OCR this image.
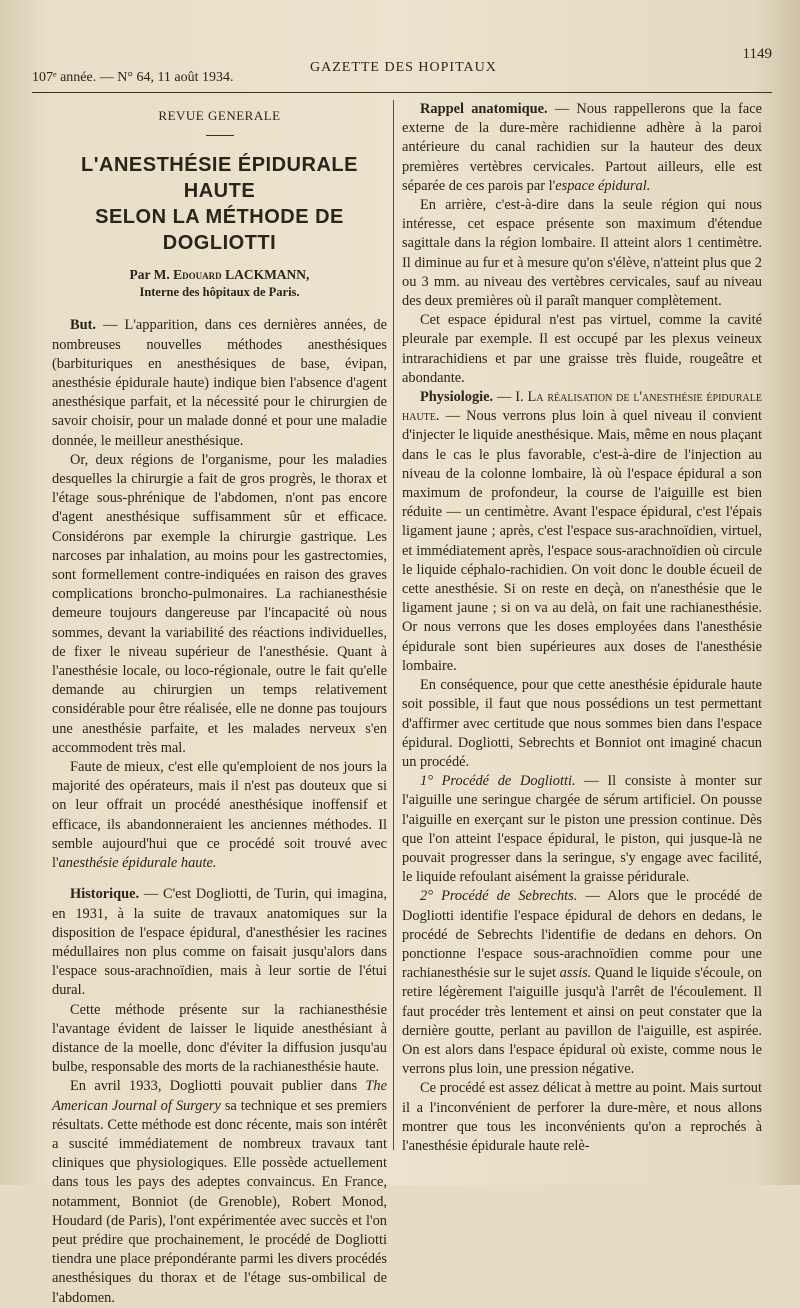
107ᵉ année. — N° 64, 11 août 1934.
GAZETTE DES HOPITAUX
1149
REVUE GENERALE
L'ANESTHÉSIE ÉPIDURALE HAUTE
SELON LA MÉTHODE DE DOGLIOTTI
Par M. Edouard LACKMANN,
Interne des hôpitaux de Paris.

But. — L'apparition, dans ces dernières années, de nombreuses nouvelles méthodes anesthésiques (barbituriques en anesthésiques de base, évipan, anesthésie épidurale haute) indique bien l'absence d'agent anesthésique parfait, et la nécessité pour le chirurgien de savoir choisir, pour un malade donné et pour une maladie donnée, le meilleur anesthésique.

Or, deux régions de l'organisme, pour les maladies desquelles la chirurgie a fait de gros progrès, le thorax et l'étage sous-phrénique de l'abdomen, n'ont pas encore d'agent anesthésique suffisamment sûr et efficace. Considérons par exemple la chirurgie gastrique. Les narcoses par inhalation, au moins pour les gastrectomies, sont formellement contre-indiquées en raison des graves complications broncho-pulmonaires. La rachianesthésie demeure toujours dangereuse par l'incapacité où nous sommes, devant la variabilité des réactions individuelles, de fixer le niveau supérieur de l'anesthésie. Quant à l'anesthésie locale, ou loco-régionale, outre le fait qu'elle demande au chirurgien un temps relativement considérable pour être réalisée, elle ne donne pas toujours une anesthésie parfaite, et les malades nerveux s'en accommodent très mal.

Faute de mieux, c'est elle qu'emploient de nos jours la majorité des opérateurs, mais il n'est pas douteux que si on leur offrait un procédé anesthésique inoffensif et efficace, ils abandonneraient les anciennes méthodes. Il semble aujourd'hui que ce procédé soit trouvé avec l'anesthésie épidurale haute.

Historique. — C'est Dogliotti, de Turin, qui imagina, en 1931, à la suite de travaux anatomiques sur la disposition de l'espace épidural, d'anesthésier les racines médullaires non plus comme on faisait jusqu'alors dans l'espace sous-arachnoïdien, mais à leur sortie de l'étui dural.

Cette méthode présente sur la rachianesthésie l'avantage évident de laisser le liquide anesthésiant à distance de la moelle, donc d'éviter la diffusion jusqu'au bulbe, responsable des morts de la rachianesthésie haute.

En avril 1933, Dogliotti pouvait publier dans The American Journal of Surgery sa technique et ses premiers résultats. Cette méthode est donc récente, mais son intérêt a suscité immédiatement de nombreux travaux tant cliniques que physiologiques. Elle possède actuellement dans tous les pays des adeptes convaincus. En France, notamment, Bonniot (de Grenoble), Robert Monod, Houdard (de Paris), l'ont expérimentée avec succès et l'on peut prédire que prochainement, le procédé de Dogliotti tiendra une place prépondérante parmi les divers procédés anesthésiques du thorax et de l'étage sus-ombilical de l'abdomen.

Rappel anatomique. — Nous rappellerons que la face externe de la dure-mère rachidienne adhère à la paroi antérieure du canal rachidien sur la hauteur des deux premières vertèbres cervicales. Partout ailleurs, elle est séparée de ces parois par l'espace épidural.

En arrière, c'est-à-dire dans la seule région qui nous intéresse, cet espace présente son maximum d'étendue sagittale dans la région lombaire. Il atteint alors 1 centimètre. Il diminue au fur et à mesure qu'on s'élève, n'atteint plus que 2 ou 3 mm. au niveau des vertèbres cervicales, sauf au niveau des deux premières où il paraît manquer complètement.

Cet espace épidural n'est pas virtuel, comme la cavité pleurale par exemple. Il est occupé par les plexus veineux intrarachidiens et par une graisse très fluide, rougeâtre et abondante.

Physiologie. — I. La réalisation de l'anesthésie épidurale haute. — Nous verrons plus loin à quel niveau il convient d'injecter le liquide anesthésique. Mais, même en nous plaçant dans le cas le plus favorable, c'est-à-dire de l'injection au niveau de la colonne lombaire, là où l'espace épidural a son maximum de profondeur, la course de l'aiguille est bien réduite — un centimètre. Avant l'espace épidural, c'est l'épais ligament jaune ; après, c'est l'espace sus-arachnoïdien, virtuel, et immédiatement après, l'espace sous-arachnoïdien où circule le liquide céphalo-rachidien. On voit donc le double écueil de cette anesthésie. Si on reste en deçà, on n'anesthésie que le ligament jaune ; si on va au delà, on fait une rachianesthésie. Or nous verrons que les doses employées dans l'anesthésie épidurale sont bien supérieures aux doses de l'anesthésie lombaire.

En conséquence, pour que cette anesthésie épidurale haute soit possible, il faut que nous possédions un test permettant d'affirmer avec certitude que nous sommes bien dans l'espace épidural. Dogliotti, Sebrechts et Bonniot ont imaginé chacun un procédé.

1° Procédé de Dogliotti. — Il consiste à monter sur l'aiguille une seringue chargée de sérum artificiel. On pousse l'aiguille en exerçant sur le piston une pression continue. Dès que l'on atteint l'espace épidural, le piston, qui jusque-là ne pouvait progresser dans la seringue, s'y engage avec facilité, le liquide refoulant aisément la graisse péridurale.

2° Procédé de Sebrechts. — Alors que le procédé de Dogliotti identifie l'espace épidural de dehors en dedans, le procédé de Sebrechts l'identifie de dedans en dehors. On ponctionne l'espace sous-arachnoïdien comme pour une rachianesthésie sur le sujet assis. Quand le liquide s'écoule, on retire légèrement l'aiguille jusqu'à l'arrêt de l'écoulement. Il faut procéder très lentement et ainsi on peut constater que la dernière goutte, perlant au pavillon de l'aiguille, est aspirée. On est alors dans l'espace épidural où existe, comme nous le verrons plus loin, une pression négative.

Ce procédé est assez délicat à mettre au point. Mais surtout il a l'inconvénient de perforer la dure-mère, et nous allons montrer que tous les inconvénients qu'on a reprochés à l'anesthésie épidurale haute relè-
